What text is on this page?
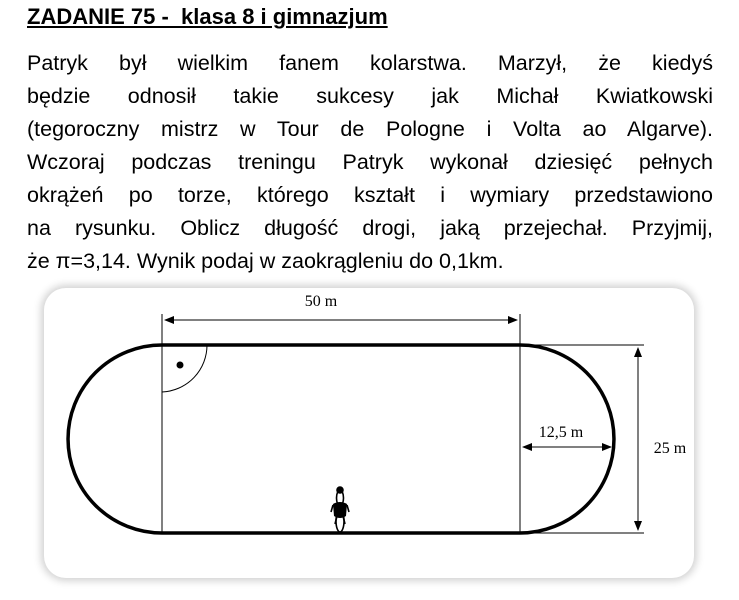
ZADANIE 75 -  klasa 8 i gimnazjum
Patryk był wielkim fanem kolarstwa. Marzył, że kiedyś
będzie odnosił takie sukcesy jak Michał Kwiatkowski
(tegoroczny mistrz w Tour de Pologne i Volta ao Algarve).
Wczoraj podczas treningu Patryk wykonał dziesięć pełnych
okrążeń po torze, którego kształt i wymiary przedstawiono
na rysunku. Oblicz długość drogi, jaką przejechał. Przyjmij,
że π=3,14. Wynik podaj w zaokrągleniu do 0,1km.
50 m
12,5 m
25 m
